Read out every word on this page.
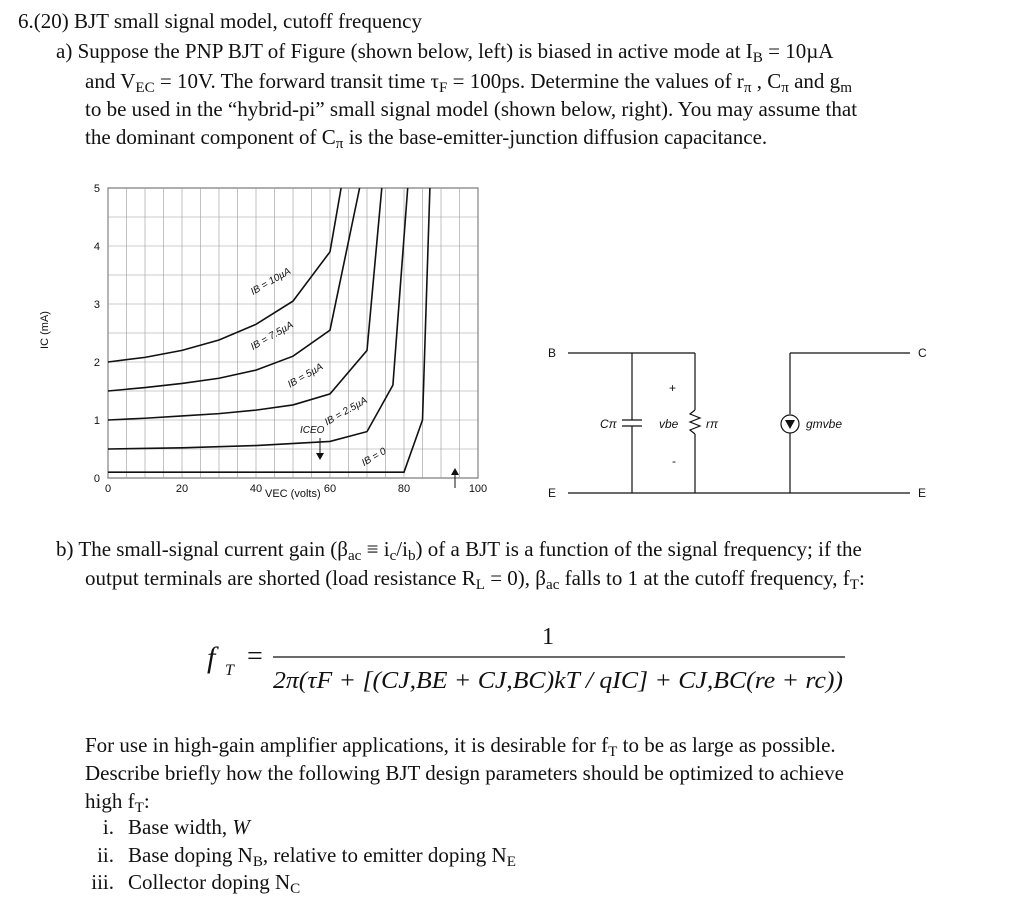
6.(20) BJT small signal model, cutoff frequency
a) Suppose the PNP BJT of Figure (shown below, left) is biased in active mode at $I_B = 10\mu A$
and $V_{EC} = 10V$. The forward transit time $\tau_F = 100ps$. Determine the values of $r_\pi$ , $C_\pi$ and $g_m$
to be used in the “hybrid-pi” small signal model (shown below, right). You may assume that
the dominant component of $C_\pi$ is the base-emitter-junction diffusion capacitance.
IB = 10µA
IB = 7.5µA
IB = 5µA
IB = 2.5µA
IB = 0
0	20	40	60	80	100
0
1
2
3
4
5
VEC (volts)
IC (mA)
ICEO
B	C
E	E
Cπ	vbe
+
-
rπ	gmvbe
b) The small-signal current gain $(\beta_{ac} \equiv i_c/i_b)$ of a BJT is a function of the signal frequency; if the
output terminals are shorted (load resistance $R_L = 0$), $\beta_{ac}$ falls to 1 at the cutoff frequency, $f_T$:
f T =
1
2π(τF + [(CJ,BE + CJ,BC)kT / qIC] + CJ,BC(re + rc))
For use in high-gain amplifier applications, it is desirable for $f_T$ to be as large as possible.
Describe briefly how the following BJT design parameters should be optimized to achieve
high $f_T$:
i. Base width, W
ii. Base doping $N_B$, relative to emitter doping $N_E$
iii. Collector doping $N_C$
